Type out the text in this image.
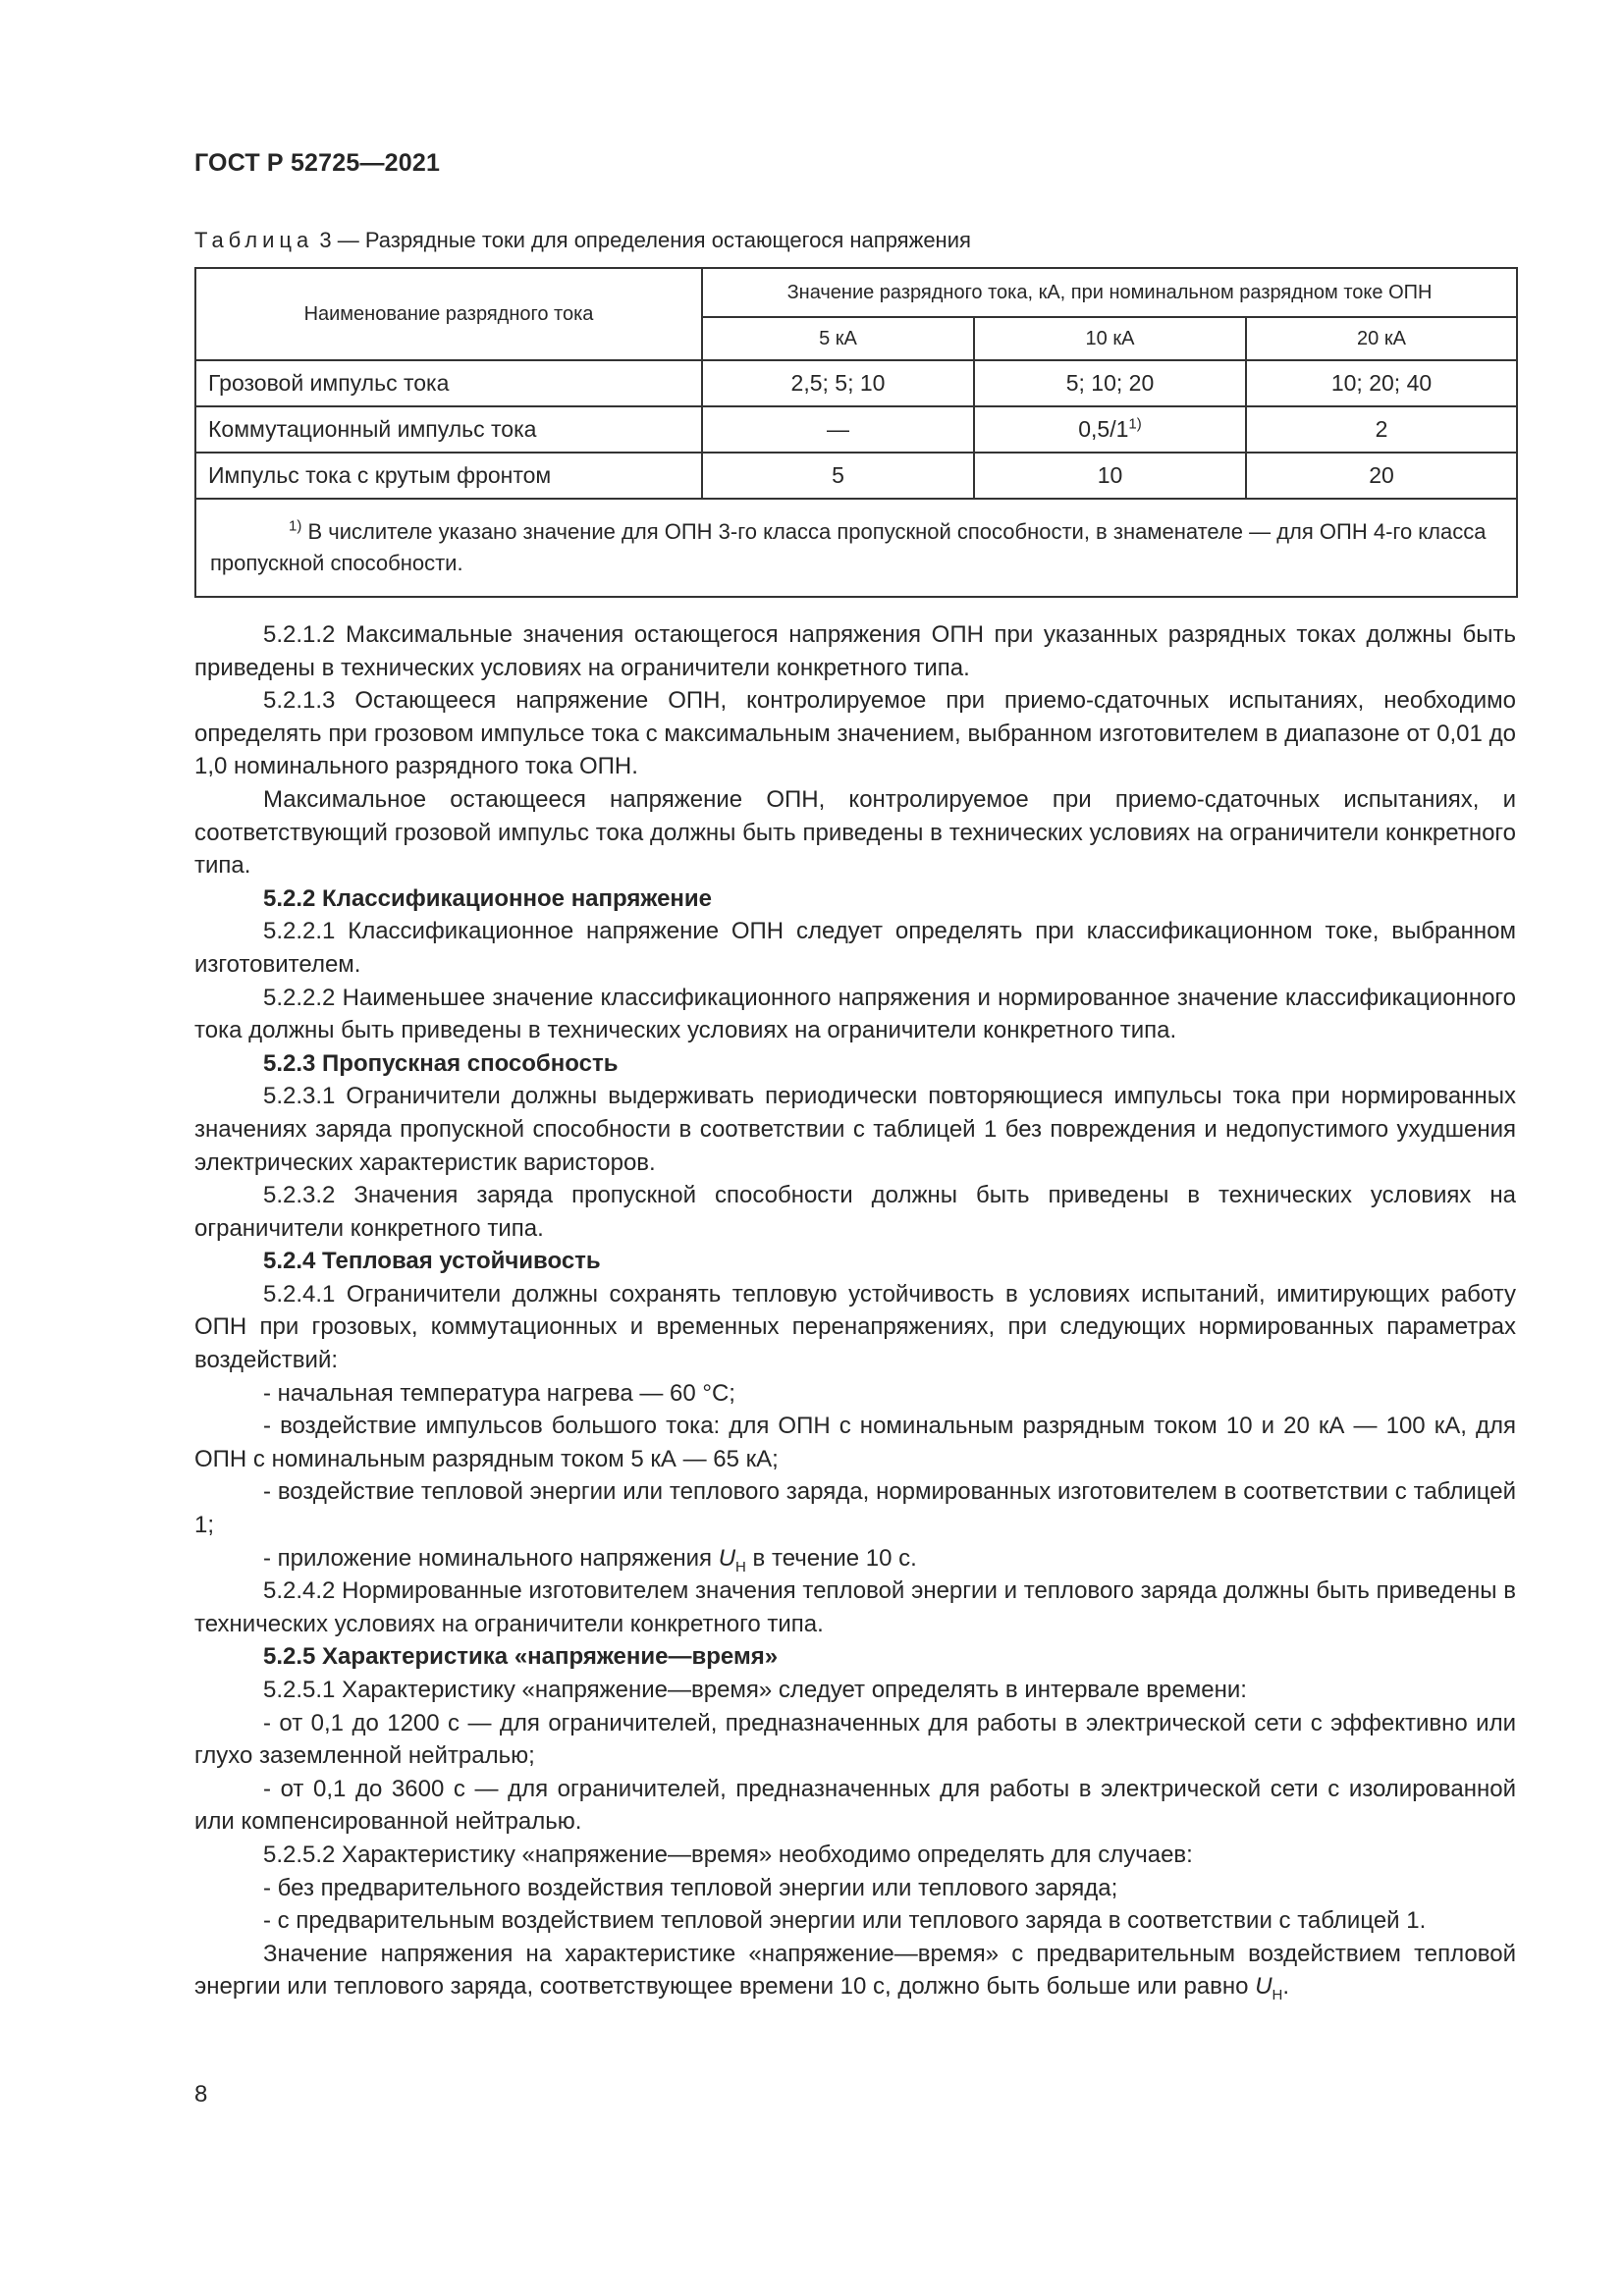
ГОСТ Р 52725—2021
Таблица 3 — Разрядные токи для определения остающегося напряжения
Наименование разрядного тока	Значение разрядного тока, кА, при номинальном разрядном токе ОПН		
	5 кА	10 кА	20 кА
Грозовой импульс тока	2,5; 5; 10	5; 10; 20	10; 20; 40
Коммутационный импульс тока	—	0,5/1$^{1)}$	2
Импульс тока с крутым фронтом	5	10	20
$^{1)}$ В числителе указано значение для ОПН 3-го класса пропускной способности, в знаменателе — для ОПН 4-го класса пропускной способности.			

5.2.1.2 Максимальные значения остающегося напряжения ОПН при указанных разрядных токах должны быть приведены в технических условиях на ограничители конкретного типа.

5.2.1.3 Остающееся напряжение ОПН, контролируемое при приемо-сдаточных испытаниях, необходимо определять при грозовом импульсе тока с максимальным значением, выбранном изготовителем в диапазоне от 0,01 до 1,0 номинального разрядного тока ОПН.

Максимальное остающееся напряжение ОПН, контролируемое при приемо-сдаточных испытаниях, и соответствующий грозовой импульс тока должны быть приведены в технических условиях на ограничители конкретного типа.

5.2.2 Классификационное напряжение

5.2.2.1 Классификационное напряжение ОПН следует определять при классификационном токе, выбранном изготовителем.

5.2.2.2 Наименьшее значение классификационного напряжения и нормированное значение классификационного тока должны быть приведены в технических условиях на ограничители конкретного типа.

5.2.3 Пропускная способность

5.2.3.1 Ограничители должны выдерживать периодически повторяющиеся импульсы тока при нормированных значениях заряда пропускной способности в соответствии с таблицей 1 без повреждения и недопустимого ухудшения электрических характеристик варисторов.

5.2.3.2 Значения заряда пропускной способности должны быть приведены в технических условиях на ограничители конкретного типа.

5.2.4 Тепловая устойчивость

5.2.4.1 Ограничители должны сохранять тепловую устойчивость в условиях испытаний, имитирующих работу ОПН при грозовых, коммутационных и временных перенапряжениях, при следующих нормированных параметрах воздействий:

- начальная температура нагрева — 60 °С;

- воздействие импульсов большого тока: для ОПН с номинальным разрядным током 10 и 20 кА — 100 кА, для ОПН с номинальным разрядным током 5 кА — 65 кА;

- воздействие тепловой энергии или теплового заряда, нормированных изготовителем в соответствии с таблицей 1;

- приложение номинального напряжения $U_Н$ в течение 10 с.

5.2.4.2 Нормированные изготовителем значения тепловой энергии и теплового заряда должны быть приведены в технических условиях на ограничители конкретного типа.

5.2.5 Характеристика «напряжение—время»

5.2.5.1 Характеристику «напряжение—время» следует определять в интервале времени:

- от 0,1 до 1200 с — для ограничителей, предназначенных для работы в электрической сети с эффективно или глухо заземленной нейтралью;

- от 0,1 до 3600 с — для ограничителей, предназначенных для работы в электрической сети с изолированной или компенсированной нейтралью.

5.2.5.2 Характеристику «напряжение—время» необходимо определять для случаев:

- без предварительного воздействия тепловой энергии или теплового заряда;

- с предварительным воздействием тепловой энергии или теплового заряда в соответствии с таблицей 1.

Значение напряжения на характеристике «напряжение—время» с предварительным воздействием тепловой энергии или теплового заряда, соответствующее времени 10 с, должно быть больше или равно $U_Н$.

8
